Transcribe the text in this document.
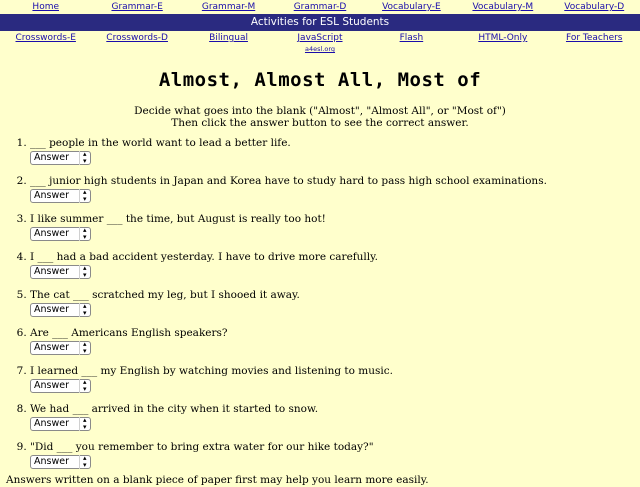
Home	Grammar-E	Grammar-M	Grammar-D	Vocabulary-E	Vocabulary-M	Vocabulary-D
Activities for ESL Students
Crosswords-E	Crosswords-D	Bilingual	JavaScript	Flash	HTML-Only	For Teachers
a4esl.org
Almost, Almost All, Most of
Decide what goes into the blank ("Almost", "Almost All", or "Most of")
Then click the answer button to see the correct answer.
1. ___ people in the world want to lead a better life.
Answer ▴
▾
2. ___ junior high students in Japan and Korea have to study hard to pass high school examinations.
Answer ▴
▾
3. I like summer ___ the time, but August is really too hot!
Answer ▴
▾
4. I ___ had a bad accident yesterday. I have to drive more carefully.
Answer ▴
▾
5. The cat ___ scratched my leg, but I shooed it away.
Answer ▴
▾
6. Are ___ Americans English speakers?
Answer ▴
▾
7. I learned ___ my English by watching movies and listening to music.
Answer ▴
▾
8. We had ___ arrived in the city when it started to snow.
Answer ▴
▾
9. "Did ___ you remember to bring extra water for our hike today?"
Answer ▴
▾
Answers written on a blank piece of paper first may help you learn more easily.
